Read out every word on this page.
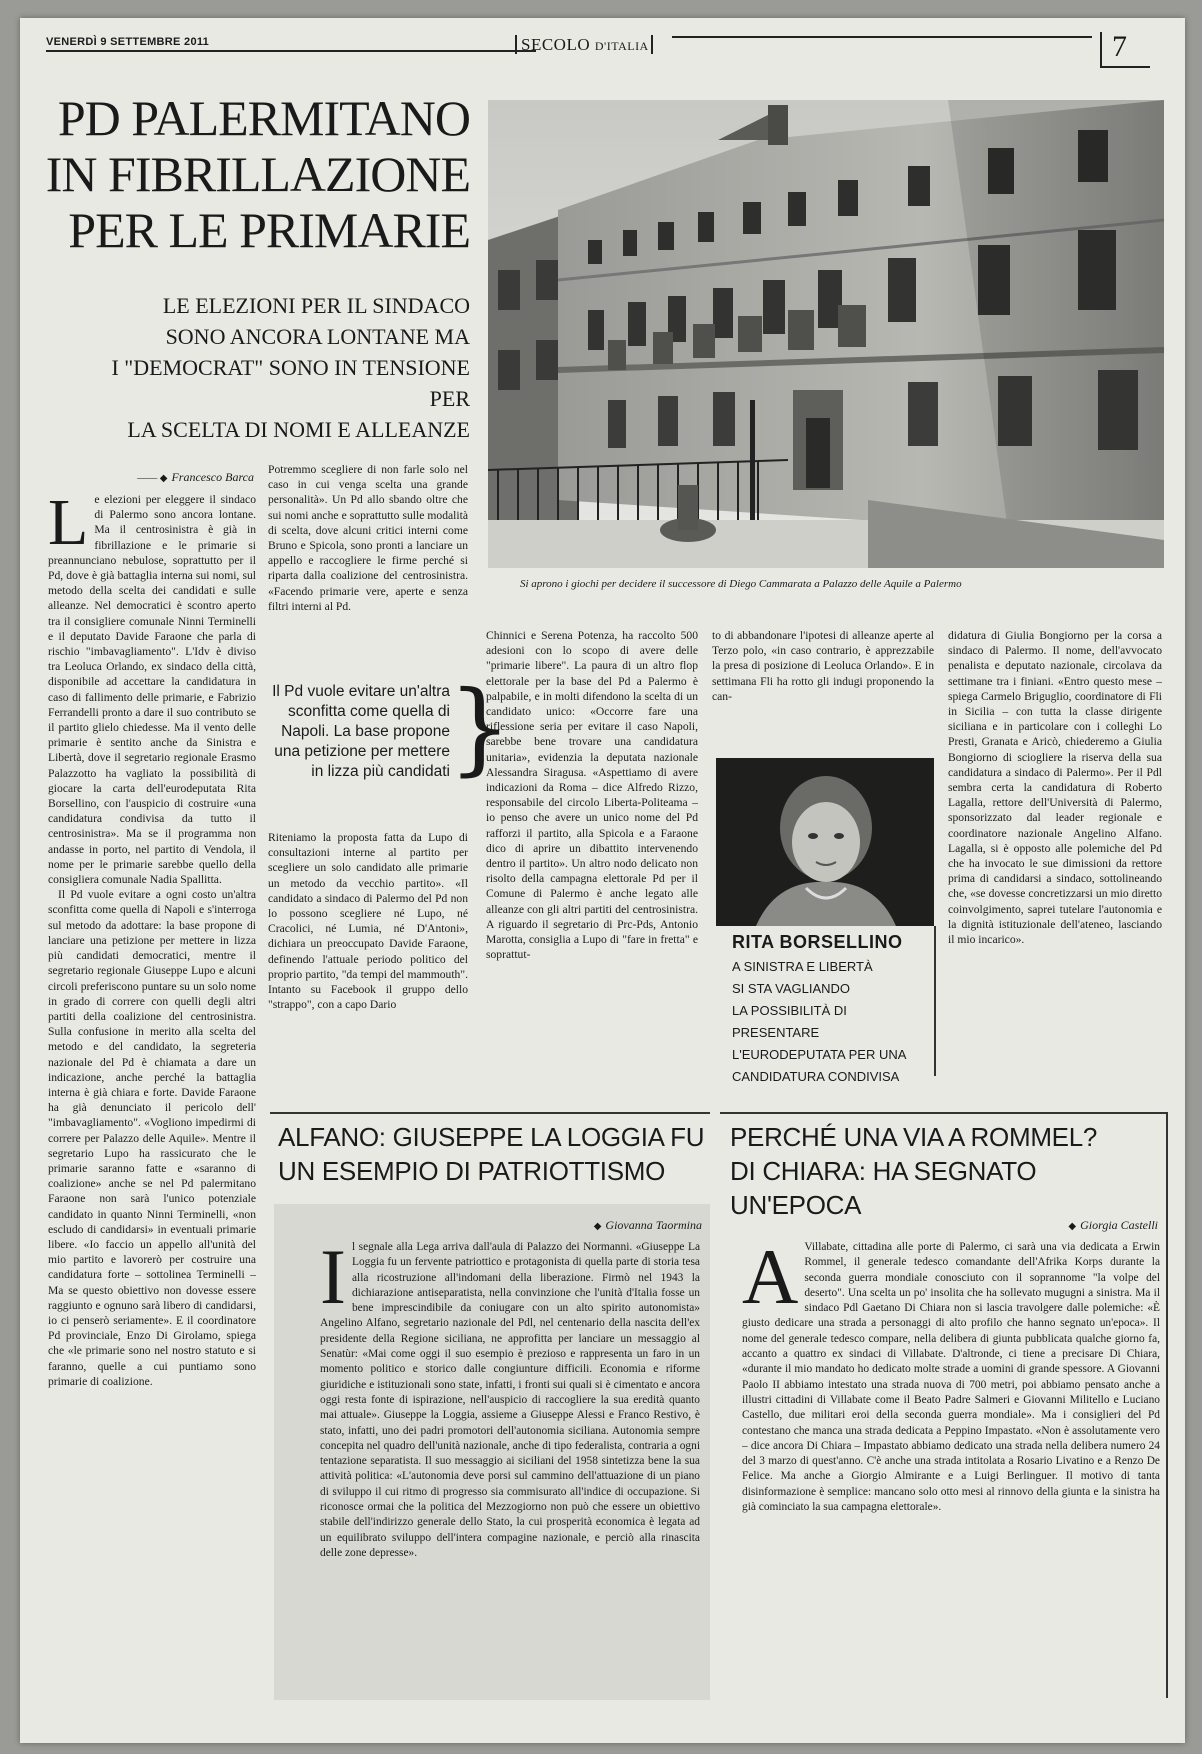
VENERDÌ 9 SETTEMBRE 2011	SECOLO D'ITALIA	7
PD PALERMITANO
IN FIBRILLAZIONE
PER LE PRIMARIE
LE ELEZIONI PER IL SINDACO
SONO ANCORA LONTANE MA
I "DEMOCRAT" SONO IN TENSIONE PER
LA SCELTA DI NOMI E ALLEANZE
Si aprono i giochi per decidere il successore di Diego Cammarata a Palazzo delle Aquile a Palermo
—— ◆ Francesco Barca
L e elezioni per eleggere il sindaco di Palermo sono ancora lontane. Ma il centrosinistra è già in fibrillazione e le primarie si preannunciano nebulose, soprattutto per il Pd, dove è già battaglia interna sui nomi, sul metodo della scelta dei candidati e sulle alleanze. Nel democratici è scontro aperto tra il consigliere comunale Ninni Terminelli e il deputato Davide Faraone che parla di rischio "imbavagliamento". L'Idv è diviso tra Leoluca Orlando, ex sindaco della città, disponibile ad accettare la candidatura in caso di fallimento delle primarie, e Fabrizio Ferrandelli pronto a dare il suo contributo se il partito glielo chiedesse. Ma il vento delle primarie è sentito anche da Sinistra e Libertà, dove il segretario regionale Erasmo Palazzotto ha vagliato la possibilità di giocare la carta dell'eurodeputata Rita Borsellino, con l'auspicio di costruire «una candidatura condivisa da tutto il centrosinistra». Ma se il programma non andasse in porto, nel partito di Vendola, il nome per le primarie sarebbe quello della consigliera comunale Nadia Spallitta.

Il Pd vuole evitare a ogni costo un'altra sconfitta come quella di Napoli e s'interroga sul metodo da adottare: la base propone di lanciare una petizione per mettere in lizza più candidati democratici, mentre il segretario regionale Giuseppe Lupo e alcuni circoli preferiscono puntare su un solo nome in grado di correre con quelli degli altri partiti della coalizione del centrosinistra. Sulla confusione in merito alla scelta del metodo e del candidato, la segreteria nazionale del Pd è chiamata a dare un indicazione, anche perché la battaglia interna è già chiara e forte. Davide Faraone ha già denunciato il pericolo dell' "imbavagliamento". «Vogliono impedirmi di correre per Palazzo delle Aquile». Mentre il segretario Lupo ha rassicurato che le primarie saranno fatte e «saranno di coalizione» anche se nel Pd palermitano Faraone non sarà l'unico potenziale candidato in quanto Ninni Terminelli, «non escludo di candidarsi» in eventuali primarie libere. «Io faccio un appello all'unità del mio partito e lavorerò per costruire una candidatura forte – sottolinea Terminelli – Ma se questo obiettivo non dovesse essere raggiunto e ognuno sarà libero di candidarsi, io ci penserò seriamente». E il coordinatore Pd provinciale, Enzo Di Girolamo, spiega che «le primarie sono nel nostro statuto e si faranno, quelle a cui puntiamo sono primarie di coalizione.

Potremmo scegliere di non farle solo nel caso in cui venga scelta una grande personalità». Un Pd allo sbando oltre che sui nomi anche e soprattutto sulle modalità di scelta, dove alcuni critici interni come Bruno e Spicola, sono pronti a lanciare un appello e raccogliere le firme perché si riparta dalla coalizione del centrosinistra. «Facendo primarie vere, aperte e senza filtri interni al Pd.

Il Pd vuole evitare un'altra sconfitta come quella di Napoli. La base propone una petizione per mettere in lizza più candidati
}

Riteniamo la proposta fatta da Lupo di consultazioni interne al partito per scegliere un solo candidato alle primarie un metodo da vecchio partito». «Il candidato a sindaco di Palermo del Pd non lo possono scegliere né Lupo, né Cracolici, né Lumia, né D'Antoni», dichiara un preoccupato Davide Faraone, definendo l'attuale periodo politico del proprio partito, "da tempi del mammouth". Intanto su Facebook il gruppo dello "strappo", con a capo Dario

Chinnici e Serena Potenza, ha raccolto 500 adesioni con lo scopo di avere delle "primarie libere". La paura di un altro flop elettorale per la base del Pd a Palermo è palpabile, e in molti difendono la scelta di un candidato unico: «Occorre fare una riflessione seria per evitare il caso Napoli, sarebbe bene trovare una candidatura unitaria», evidenzia la deputata nazionale Alessandra Siragusa. «Aspettiamo di avere indicazioni da Roma – dice Alfredo Rizzo, responsabile del circolo Liberta-Politeama – io penso che avere un unico nome del Pd rafforzi il partito, alla Spicola e a Faraone dico di aprire un dibattito intervenendo dentro il partito». Un altro nodo delicato non risolto della campagna elettorale Pd per il Comune di Palermo è anche legato alle alleanze con gli altri partiti del centrosinistra. A riguardo il segretario di Prc-Pds, Antonio Marotta, consiglia a Lupo di "fare in fretta" e soprattut-

to di abbandonare l'ipotesi di alleanze aperte al Terzo polo, «in caso contrario, è apprezzabile la presa di posizione di Leoluca Orlando». E in settimana Fli ha rotto gli indugi proponendo la can-

RITA BORSELLINO
A SINISTRA E LIBERTÀ
SI STA VAGLIANDO
LA POSSIBILITÀ DI PRESENTARE
L'EURODEPUTATA PER UNA
CANDIDATURA CONDIVISA

didatura di Giulia Bongiorno per la corsa a sindaco di Palermo. Il nome, dell'avvocato penalista e deputato nazionale, circolava da settimane tra i finiani. «Entro questo mese – spiega Carmelo Briguglio, coordinatore di Fli in Sicilia – con tutta la classe dirigente siciliana e in particolare con i colleghi Lo Presti, Granata e Aricò, chiederemo a Giulia Bongiorno di sciogliere la riserva della sua candidatura a sindaco di Palermo». Per il Pdl sembra certa la candidatura di Roberto Lagalla, rettore dell'Università di Palermo, sponsorizzato dal leader regionale e coordinatore nazionale Angelino Alfano. Lagalla, si è opposto alle polemiche del Pd che ha invocato le sue dimissioni da rettore prima di candidarsi a sindaco, sottolineando che, «se dovesse concretizzarsi un mio diretto coinvolgimento, saprei tutelare l'autonomia e la dignità istituzionale dell'ateneo, lasciando il mio incarico».

ALFANO: GIUSEPPE LA LOGGIA FU
UN ESEMPIO DI PATRIOTTISMO
◆ Giovanna Taormina
I l segnale alla Lega arriva dall'aula di Palazzo dei Normanni. «Giuseppe La Loggia fu un fervente patriottico e protagonista di quella parte di storia tesa alla ricostruzione all'indomani della liberazione. Firmò nel 1943 la dichiarazione antiseparatista, nella convinzione che l'unità d'Italia fosse un bene imprescindibile da coniugare con un alto spirito autonomista» Angelino Alfano, segretario nazionale del Pdl, nel centenario della nascita dell'ex presidente della Regione siciliana, ne approfitta per lanciare un messaggio al Senatùr: «Mai come oggi il suo esempio è prezioso e rappresenta un faro in un momento politico e storico dalle congiunture difficili. Economia e riforme giuridiche e istituzionali sono state, infatti, i fronti sui quali si è cimentato e ancora oggi resta fonte di ispirazione, nell'auspicio di raccogliere la sua eredità quanto mai attuale». Giuseppe la Loggia, assieme a Giuseppe Alessi e Franco Restivo, è stato, infatti, uno dei padri promotori dell'autonomia siciliana. Autonomia sempre concepita nel quadro dell'unità nazionale, anche di tipo federalista, contraria a ogni tentazione separatista. Il suo messaggio ai siciliani del 1958 sintetizza bene la sua attività politica: «L'autonomia deve porsi sul cammino dell'attuazione di un piano di sviluppo il cui ritmo di progresso sia commisurato all'indice di occupazione. Si riconosce ormai che la politica del Mezzogiorno non può che essere un obiettivo stabile dell'indirizzo generale dello Stato, la cui prosperità economica è legata ad un equilibrato sviluppo dell'intera compagine nazionale, e perciò alla rinascita delle zone depresse».
PERCHÉ UNA VIA A ROMMEL?
DI CHIARA: HA SEGNATO UN'EPOCA
◆ Giorgia Castelli
A Villabate, cittadina alle porte di Palermo, ci sarà una via dedicata a Erwin Rommel, il generale tedesco comandante dell'Afrika Korps durante la seconda guerra mondiale conosciuto con il soprannome "la volpe del deserto". Una scelta un po' insolita che ha sollevato mugugni a sinistra. Ma il sindaco Pdl Gaetano Di Chiara non si lascia travolgere dalle polemiche: «È giusto dedicare una strada a personaggi di alto profilo che hanno segnato un'epoca». Il nome del generale tedesco compare, nella delibera di giunta pubblicata qualche giorno fa, accanto a quattro ex sindaci di Villabate. D'altronde, ci tiene a precisare Di Chiara, «durante il mio mandato ho dedicato molte strade a uomini di grande spessore. A Giovanni Paolo II abbiamo intestato una strada nuova di 700 metri, poi abbiamo pensato anche a illustri cittadini di Villabate come il Beato Padre Salmeri e Giovanni Militello e Luciano Castello, due militari eroi della seconda guerra mondiale». Ma i consiglieri del Pd contestano che manca una strada dedicata a Peppino Impastato. «Non è assolutamente vero – dice ancora Di Chiara – Impastato abbiamo dedicato una strada nella delibera numero 24 del 3 marzo di quest'anno. C'è anche una strada intitolata a Rosario Livatino e a Renzo De Felice. Ma anche a Giorgio Almirante e a Luigi Berlinguer. Il motivo di tanta disinformazione è semplice: mancano solo otto mesi al rinnovo della giunta e la sinistra ha già cominciato la sua campagna elettorale».
